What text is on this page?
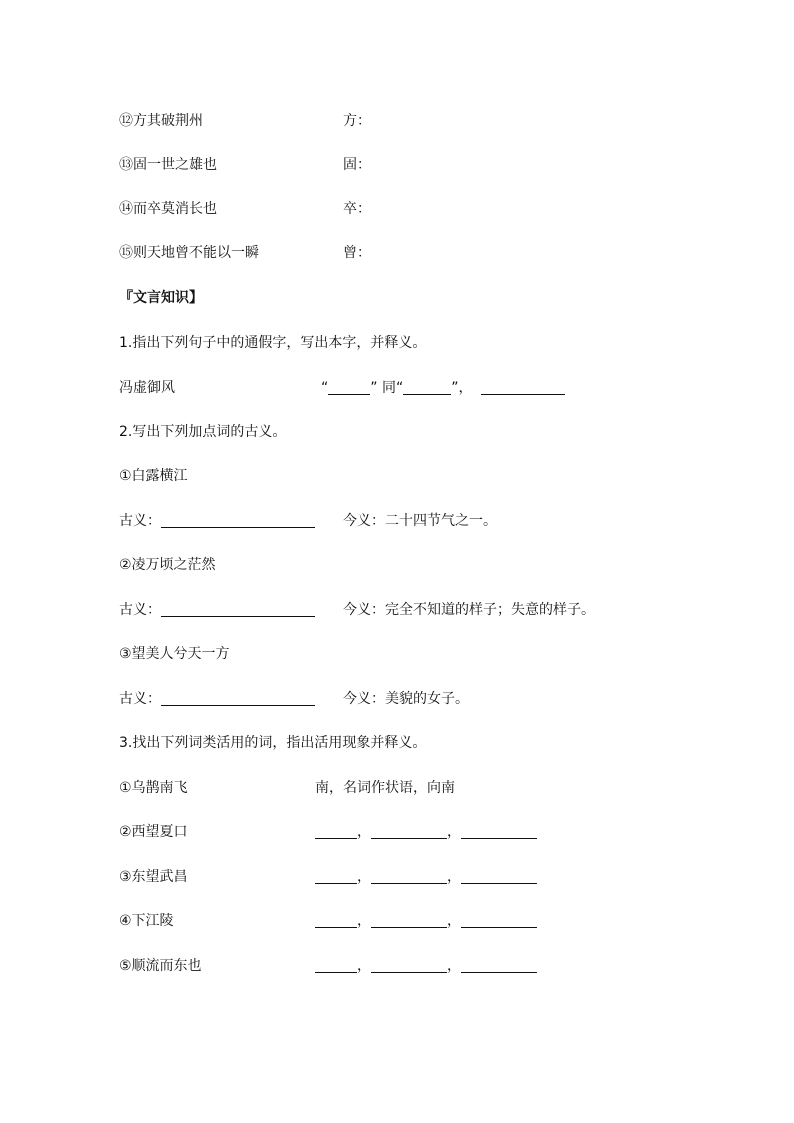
⑫方其破荆州	方：
⑬固一世之雄也	固：
⑭而卒莫消长也	卒：
⑮则天地曾不能以一瞬	曾：
『文言知识】
1.指出下列句子中的通假字，写出本字，并释义。
冯虚御风	“	” 同“	”，
2.写出下列加点词的古义。
①白露横江
古义：	今义：二十四节气之一。
②凌万顷之茫然
古义：	今义：完全不知道的样子；失意的样子。
③望美人兮天一方
古义：	今义：美貌的女子。
3.找出下列词类活用的词，指出活用现象并释义。
①乌鹊南飞	南，名词作状语，向南
②西望夏口	，	，
③东望武昌	，	，
④下江陵	，	，
⑤顺流而东也	，	，
